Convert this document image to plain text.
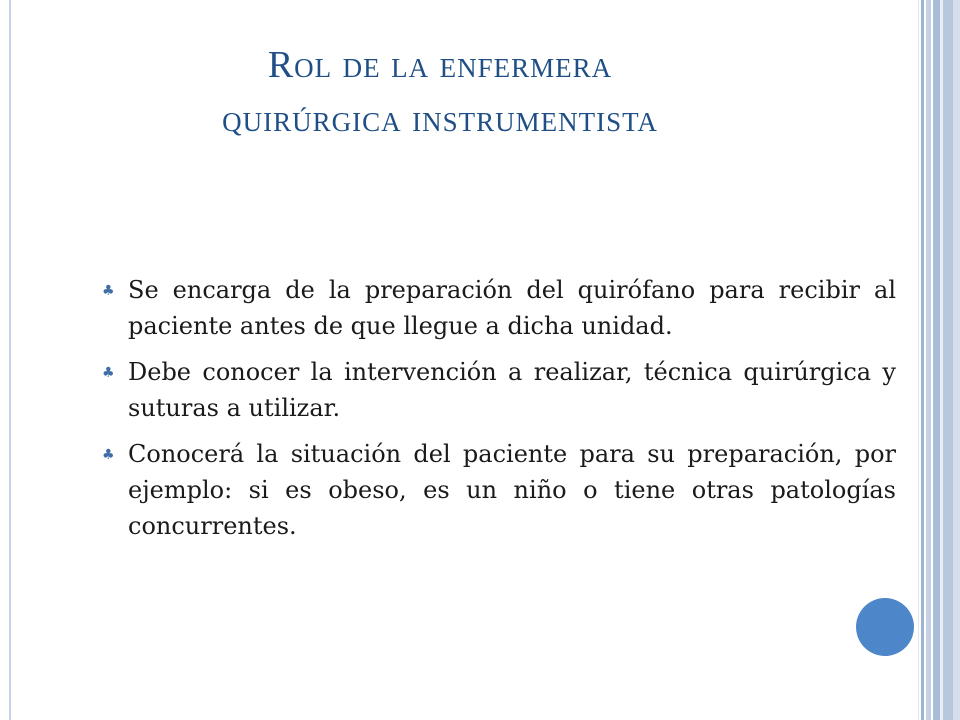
Rol de la enfermera
quirúrgica instrumentista
♣ Se encarga de la preparación del quirófano para recibir al paciente antes de que llegue a dicha unidad.
♣ Debe conocer la intervención a realizar, técnica quirúrgica y suturas a utilizar.
♣ Conocerá la situación del paciente para su preparación, por ejemplo: si es obeso, es un niño o tiene otras patologías concurrentes.
